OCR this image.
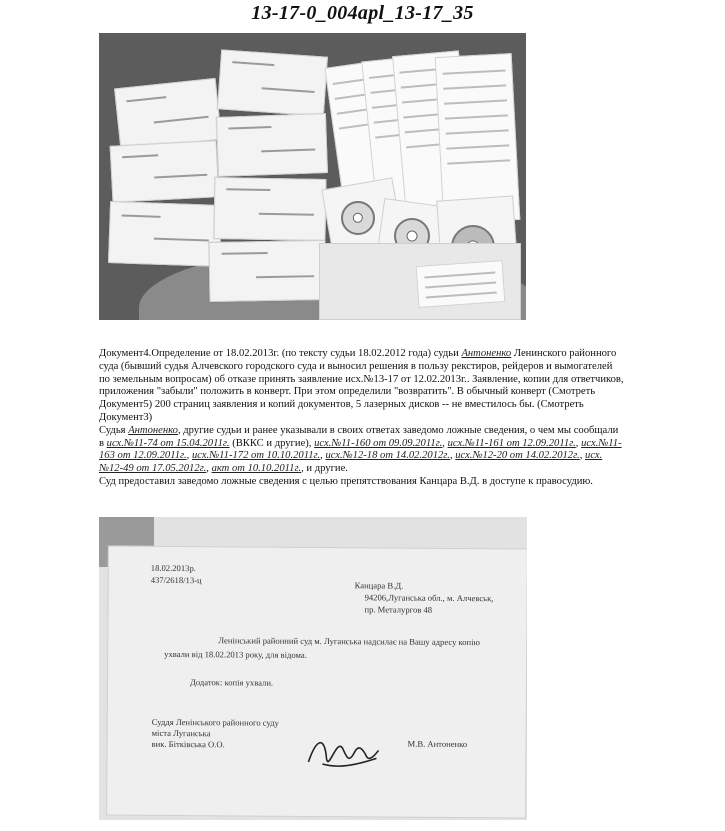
13-17-0_004apl_13-17_35

Документ4.Определение от 18.02.2013г. (по тексту судьи 18.02.2012 года) судьи Антоненко Ленинского районного суда (бывший судья Алчевского городского суда и выносил решения в пользу рекстиров, рейдеров и вымогателей по земельным вопросам) об отказе принять заявление исх.№13-17 от 12.02.2013г.. Заявление, копии для ответчиков, приложения "забыли" положить в конверт. При этом определили "возвратить". В обычный конверт (Смотреть Документ5) 200 страниц заявления и копий документов, 5 лазерных дисков -- не вместилось бы. (Смотреть Документ3)

Судья Антоненко, другие судьи и ранее указывали в своих ответах заведомо ложные сведения, о чем мы сообщали в исх.№11-74 от 15.04.2011г. (ВККС и другие), исх.№11-160 от 09.09.2011г., исх.№11-161 от 12.09.2011г., исх.№11-163 от 12.09.2011г., исх.№11-172 от 10.10.2011г., исх.№12-18 от 14.02.2012г., исх.№12-20 от 14.02.2012г., исх.№12-49 от 17.05.2012г., акт от 10.10.2011г., и другие.

Суд предоставил заведомо ложные сведения с целью препятствования Канцара В.Д. в доступе к правосудию.

18.02.2013р.
437/2618/13-ц
Канцара В.Д.
94206,Луганська обл., м. Алчевськ,
пр. Металургов 48
Ленінський районний суд м. Луганська надсилає на Вашу адресу копію
ухвали від 18.02.2013 року, для відома.
Додаток: копія ухвали.
Суддя Ленінського районного суду
міста Луганська
вик. Бітківська О.О.	М.В. Антоненко
